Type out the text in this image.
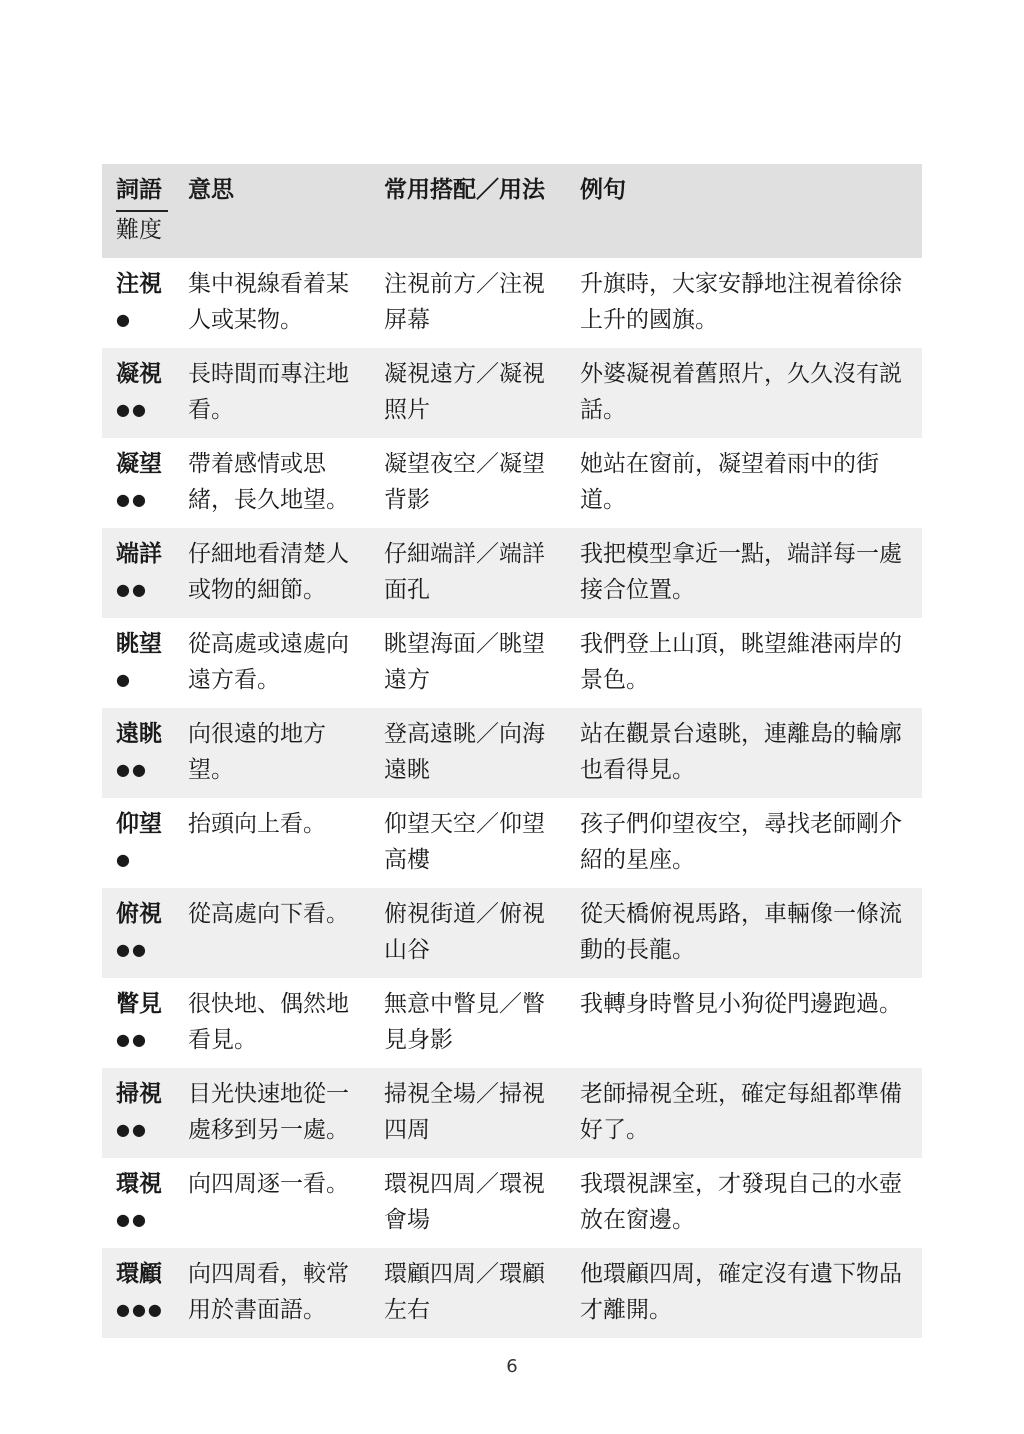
詞語
難度	意思	常用搭配／用法	例句

注視
●	集中視線看着某人或某物。	注視前方／注視屏幕	升旗時，大家安靜地注視着徐徐上升的國旗。

凝視
●●	長時間而專注地看。	凝視遠方／凝視照片	外婆凝視着舊照片，久久沒有説話。

凝望
●●	帶着感情或思緒，長久地望。	凝望夜空／凝望背影	她站在窗前，凝望着雨中的街道。

端詳
●●	仔細地看清楚人或物的細節。	仔細端詳／端詳面孔	我把模型拿近一點，端詳每一處接合位置。

眺望
●	從高處或遠處向遠方看。	眺望海面／眺望遠方	我們登上山頂，眺望維港兩岸的景色。

遠眺
●●	向很遠的地方望。	登高遠眺／向海遠眺	站在觀景台遠眺，連離島的輪廓也看得見。

仰望
●	抬頭向上看。	仰望天空／仰望高樓	孩子們仰望夜空，尋找老師剛介紹的星座。

俯視
●●	從高處向下看。	俯視街道／俯視山谷	從天橋俯視馬路，車輛像一條流動的長龍。

瞥見
●●	很快地、偶然地看見。	無意中瞥見／瞥見身影	我轉身時瞥見小狗從門邊跑過。

掃視
●●	目光快速地從一處移到另一處。	掃視全場／掃視四周	老師掃視全班，確定每組都準備好了。

環視
●●	向四周逐一看。	環視四周／環視會場	我環視課室，才發現自己的水壺放在窗邊。

環顧
●●●	向四周看，較常用於書面語。	環顧四周／環顧左右	他環顧四周，確定沒有遺下物品才離開。
6
